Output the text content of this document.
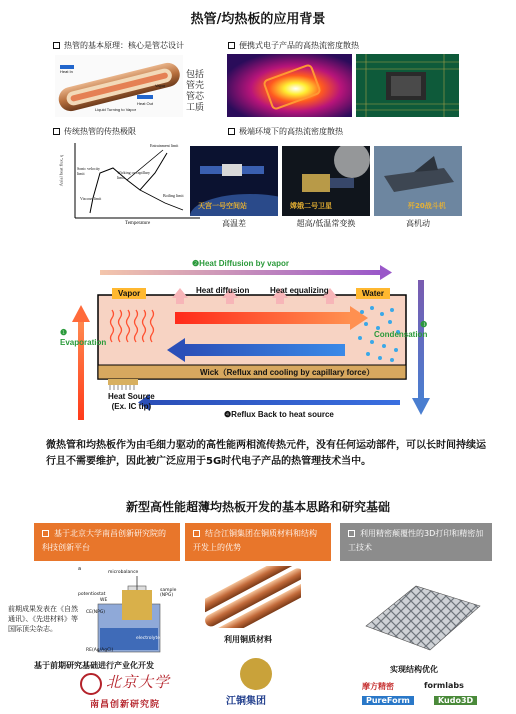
热管/均热板的应用背景
热管的基本原理：核心是管芯设计	便携式电子产品的高热流密度散热
传统热管的传热极限	极端环境下的高热流密度散热
Heat In
Heat Out
Liquid Turning to Vapor
Vapor
包括
管壳
管芯
工质
Axial heat flux, q
Temperature
Entrainment limit
Sonic velocity limit	Wicking or capillary limit
Viscous limit
Boiling limit
天宫一号空间站	嫦娥二号卫星	歼20战斗机
高温差	超高/低温常变换	高机动
❷Heat Diffusion by vapor
❶
Evaporation
❸
Condensation
Vapor	Water
Heat diffusion	Heat equalizing
Wick（Reflux and cooling by capillary force）
Heat Source
(Ex. IC tip)
❹Reflux Back to heat source
微热管和均热板作为由毛细力驱动的高性能两相流传热元件，没有任何运动部件，可以长时间持续运行且不需要维护，因此被广泛应用于5G时代电子产品的热管理技术当中。
新型高性能超薄均热板开发的基本思路和研究基础
基于北京大学南昌创新研究院的科技创新平台
结合江铜集团在铜质材料和结构开发上的优势
利用精密颠覆性的3D打印和精密加工技术
a
microbalance
potentiostat
WE
sample (NPG)
CE(NPG)
electrolyte
RE(Ag/AgCl)
前期成果发表在《自然通讯》、《先进材料》等国际顶尖杂志。
基于前期研究基础进行产业化开发
北京大学
南昌创新研究院
利用铜质材料
江铜集团
实现结构优化
摩方精密	formlabs
PureForm	Kudo3D
